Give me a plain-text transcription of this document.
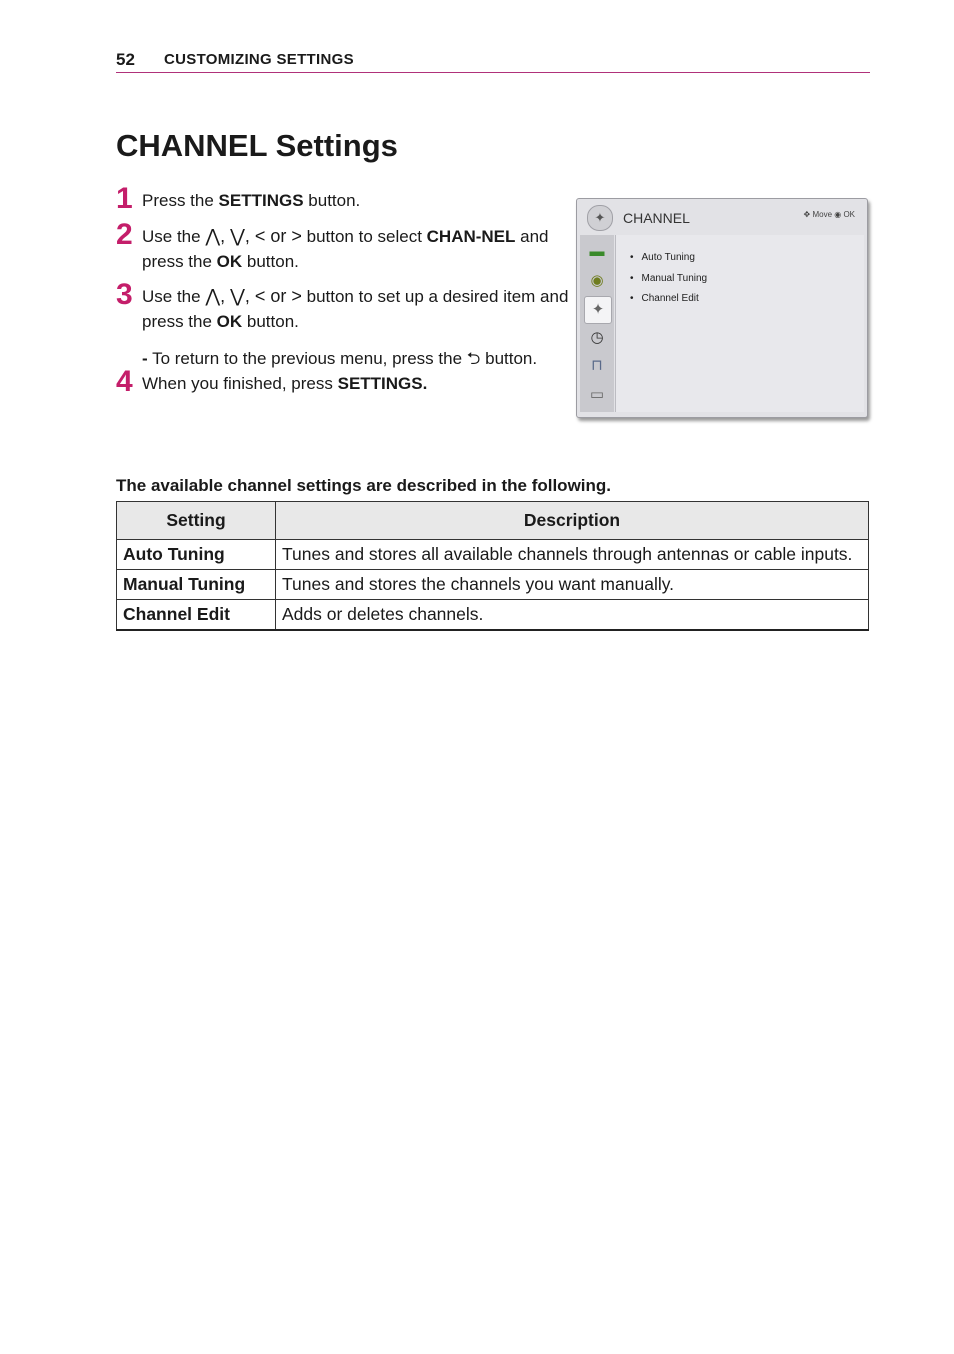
52 CUSTOMIZING SETTINGS
CHANNEL Settings
1 Press the SETTINGS button.
2 Use the ⋀, ⋁, < or > button to select CHAN-NEL and press the OK button.
3 Use the ⋀, ⋁, < or > button to set up a desired item and press the OK button.
- To return to the previous menu, press the ⮌ button.
4 When you finished, press SETTINGS.
✦	CHANNEL	✥ Move ◉ OK
▬
◉
✦
◷
⊓
▭
• Auto Tuning
• Manual Tuning
• Channel Edit

The available channel settings are described in the following.

Setting	Description
Auto Tuning	Tunes and stores all available channels through antennas or cable inputs.
Manual Tuning	Tunes and stores the channels you want manually.
Channel Edit	Adds or deletes channels.
